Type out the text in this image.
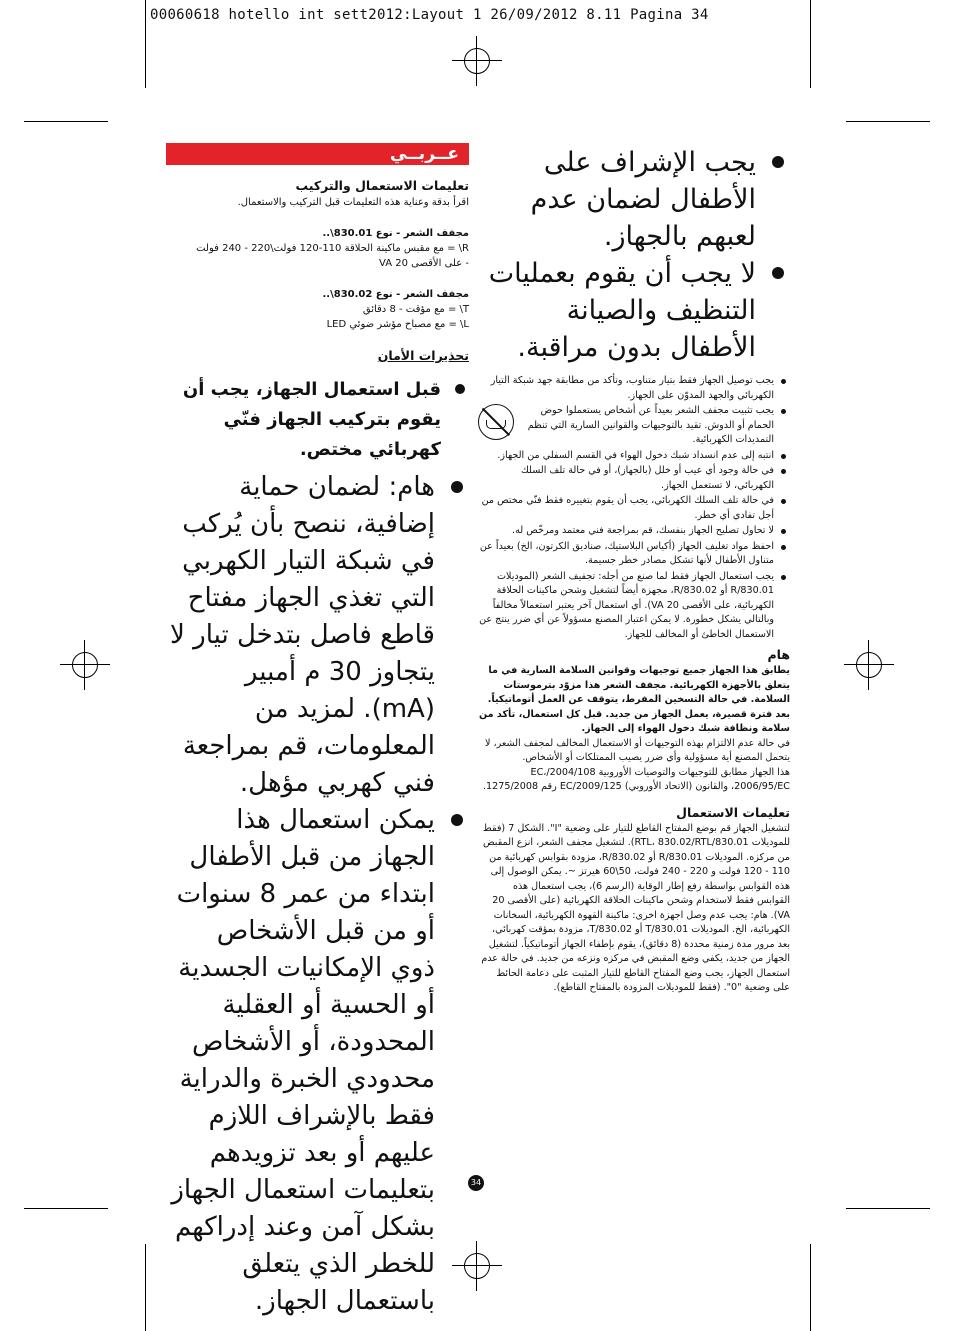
00060618 hotello int sett2012:Layout 1 26/09/2012 8.11 Pagina 34
عــربــي

تعليمات الاستعمال والتركيب

اقرأ بدقة وعناية هذه التعليمات قبل التركيب والاستعمال.

مجفف الشعر - نوع 830.01\..

R\ = مع مقبس ماكينة الحلاقة 110-120 فولت\220 - 240 فولت

- على الأقصى 20 VA

مجفف الشعر - نوع 830.02\..

T\ = مع مؤقت - 8 دقائق

L\ = مع مصباح مؤشر ضوئي LED

تحذيرات الأمان

قبل استعمال الجهاز، يجب أن يقوم بتركيب الجهاز فنّي كهربائي مختص.

هام: لضمان حماية إضافية، ننصح بأن يُركب في شبكة التيار الكهربي التي تغذي الجهاز مفتاح قاطع فاصل بتدخل تيار لا يتجاوز 30 م أمبير (mA). لمزيد من المعلومات، قم بمراجعة فني كهربي مؤهل.

يمكن استعمال هذا الجهاز من قبل الأطفال ابتداء من عمر 8 سنوات أو من قبل الأشخاص ذوي الإمكانيات الجسدية أو الحسية أو العقلية المحدودة، أو الأشخاص محدودي الخبرة والدراية فقط بالإشراف اللازم عليهم أو بعد تزويدهم بتعليمات استعمال الجهاز بشكل آمن وعند إدراكهم للخطر الذي يتعلق باستعمال الجهاز.

يجب الإشراف على الأطفال لضمان عدم لعبهم بالجهاز.

لا يجب أن يقوم بعمليات التنظيف والصيانة الأطفال بدون مراقبة.

يجب توصيل الجهاز فقط بتيار متناوب، وتأكد من مطابقة جهد شبكة التيار الكهربائي والجهد المدوّن على الجهاز.

يجب تثبيت مجفف الشعر بعيداً عن أشخاص يستعملوا حوض الحمام أو الدوش. تقيد بالتوجيهات والقوانين السارية التي تنظم التمديدات الكهربائية.

انتبه إلى عدم انسداد شبك دخول الهواء في القسم السفلي من الجهاز.

في حالة وجود أي عيب أو خلل (بالجهاز)، أو في حالة تلف السلك الكهربائي، لا تستعمل الجهاز.

في حالة تلف السلك الكهربائي، يجب أن يقوم بتغييره فقط فنّي مختص من أجل تفادي أي خطر.

لا تحاول تصليح الجهاز بنفسك، قم بمراجعة فني معتمد ومرخّص له.

احفظ مواد تغليف الجهاز (أكياس البلاستيك، صناديق الكرتون، الخ) بعيداً عن متناول الأطفال لأنها تشكل مصادر خطر جسيمة.

يجب استعمال الجهاز فقط لما صنع من أجله: تجفيف الشعر (الموديلات 830.01/R أو 830.02/R، مجهزة أيضاً لتشغيل وشحن ماكينات الحلاقة الكهربائية، على الأقصى 20 VA). أي استعمال آخر يعتبر استعمالاً مخالفاً وبالتالي يشكل خطورة. لا يمكن اعتبار المصنع مسؤولاً عن أي ضرر ينتج عن الاستعمال الخاطئ أو المخالف للجهاز.

هام

يطابق هذا الجهاز جميع توجيهات وقوانين السلامة السارية في ما يتعلق بالأجهزة الكهربائية. مجفف الشعر هذا مزوّد بترموستات السلامة. في حالة التسخين المفرط، يتوقف عن العمل أتوماتيكياً. بعد فترة قصيرة، يعمل الجهاز من جديد. قبل كل استعمال، تأكد من سلامة ونظافة شبك دخول الهواء إلى الجهاز.

في حالة عدم الالتزام بهذه التوجيهات أو الاستعمال المخالف لمجفف الشعر، لا يتحمل المصنع أية مسؤولية وأي ضرر يصيب الممتلكات أو الأشخاص.

هذا الجهاز مطابق للتوجيهات والتوصيات الأوروبية 2004/108/EC، 2006/95/EC، والقانون (الاتحاد الأوروبي) 2009/125/EC رقم 1275/2008.

تعليمات الاستعمال

لتشغيل الجهاز قم بوضع المفتاح القاطع للتيار على وضعية "I". الشكل 7 (فقط للموديلات 830.01/RTL، 830.02/RTL). لتشغيل مجفف الشعر، انزع المقبض من مركزه. الموديلات 830.01/R أو 830.02/R، مزودة بقوابس كهربائية من 110 - 120 فولت و 220 - 240 فولت، 50\60 هيرتز ~. يمكن الوصول إلى هذه القوابس بواسطة رفع إطار الوقاية (الرسم 6)، يجب استعمال هذه القوابس فقط لاستخدام وشحن ماكينات الحلاقة الكهربائية (على الأقصى 20 VA). هام: يجب عدم وصل اجهزة اخرى: ماكينة القهوة الكهربائية، السخانات الكهربائية، الخ. الموديلات 830.01/T أو 830.02/T، مزودة بمؤقت كهربائي، بعد مرور مدة زمنية محددة (8 دقائق)، يقوم بإطفاء الجهاز أتوماتيكياً. لتشغيل الجهاز من جديد، يكفي وضع المقبض في مركزه ونزعه من جديد. في حالة عدم استعمال الجهاز، يجب وضع المفتاح القاطع للتيار المثبت على دعامة الحائط على وضعية "0". (فقط للموديلات المزودة بالمفتاح القاطع).

34
